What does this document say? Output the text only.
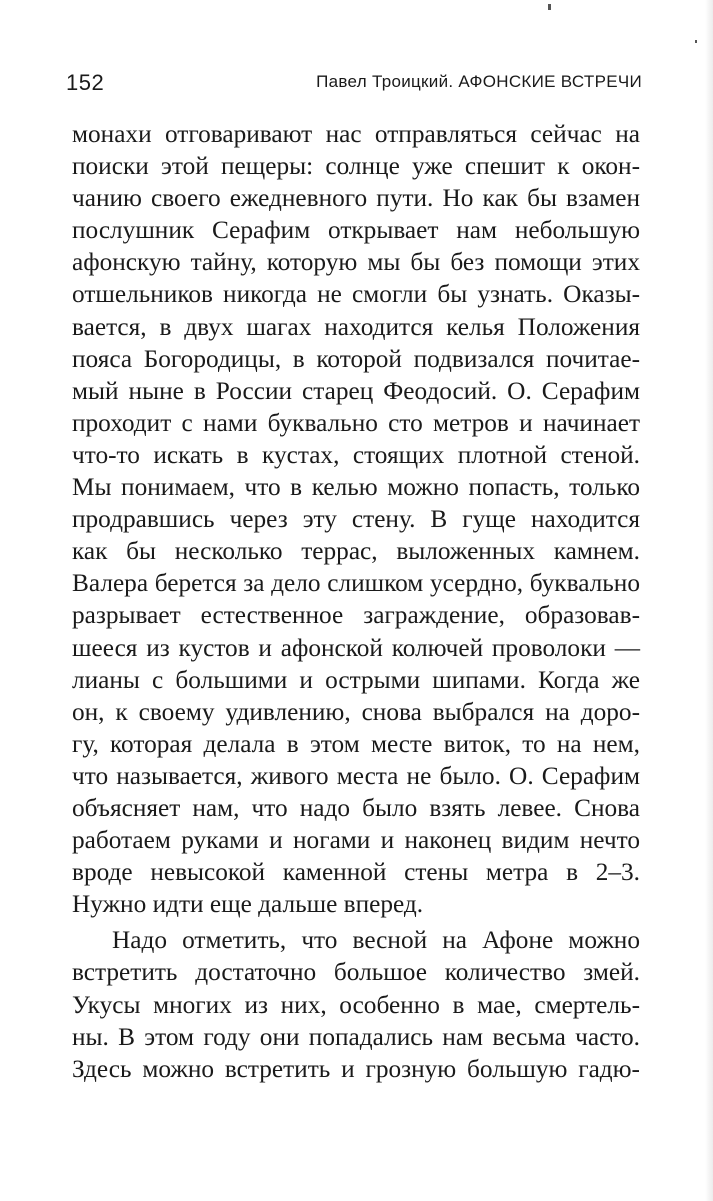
152	Павел Троицкий. АФОНСКИЕ ВСТРЕЧИ
монахи отговаривают нас отправляться сейчас на
поиски этой пещеры: солнце уже спешит к окон-
чанию своего ежедневного пути. Но как бы взамен
послушник Серафим открывает нам небольшую
афонскую тайну, которую мы бы без помощи этих
отшельников никогда не смогли бы узнать. Оказы-
вается, в двух шагах находится келья Положения
пояса Богородицы, в которой подвизался почитае-
мый ныне в России старец Феодосий. О. Серафим
проходит с нами буквально сто метров и начинает
что-то искать в кустах, стоящих плотной стеной.
Мы понимаем, что в келью можно попасть, только
продравшись через эту стену. В гуще находится
как бы несколько террас, выложенных камнем.
Валера берется за дело слишком усердно, буквально
разрывает естественное заграждение, образовав-
шееся из кустов и афонской колючей проволоки —
лианы с большими и острыми шипами. Когда же
он, к своему удивлению, снова выбрался на доро-
гу, которая делала в этом месте виток, то на нем,
что называется, живого места не было. О. Серафим
объясняет нам, что надо было взять левее. Снова
работаем руками и ногами и наконец видим нечто
вроде невысокой каменной стены метра в 2–3.
Нужно идти еще дальше вперед.
Надо отметить, что весной на Афоне можно
встретить достаточно большое количество змей.
Укусы многих из них, особенно в мае, смертель-
ны. В этом году они попадались нам весьма часто.
Здесь можно встретить и грозную большую гадю-
